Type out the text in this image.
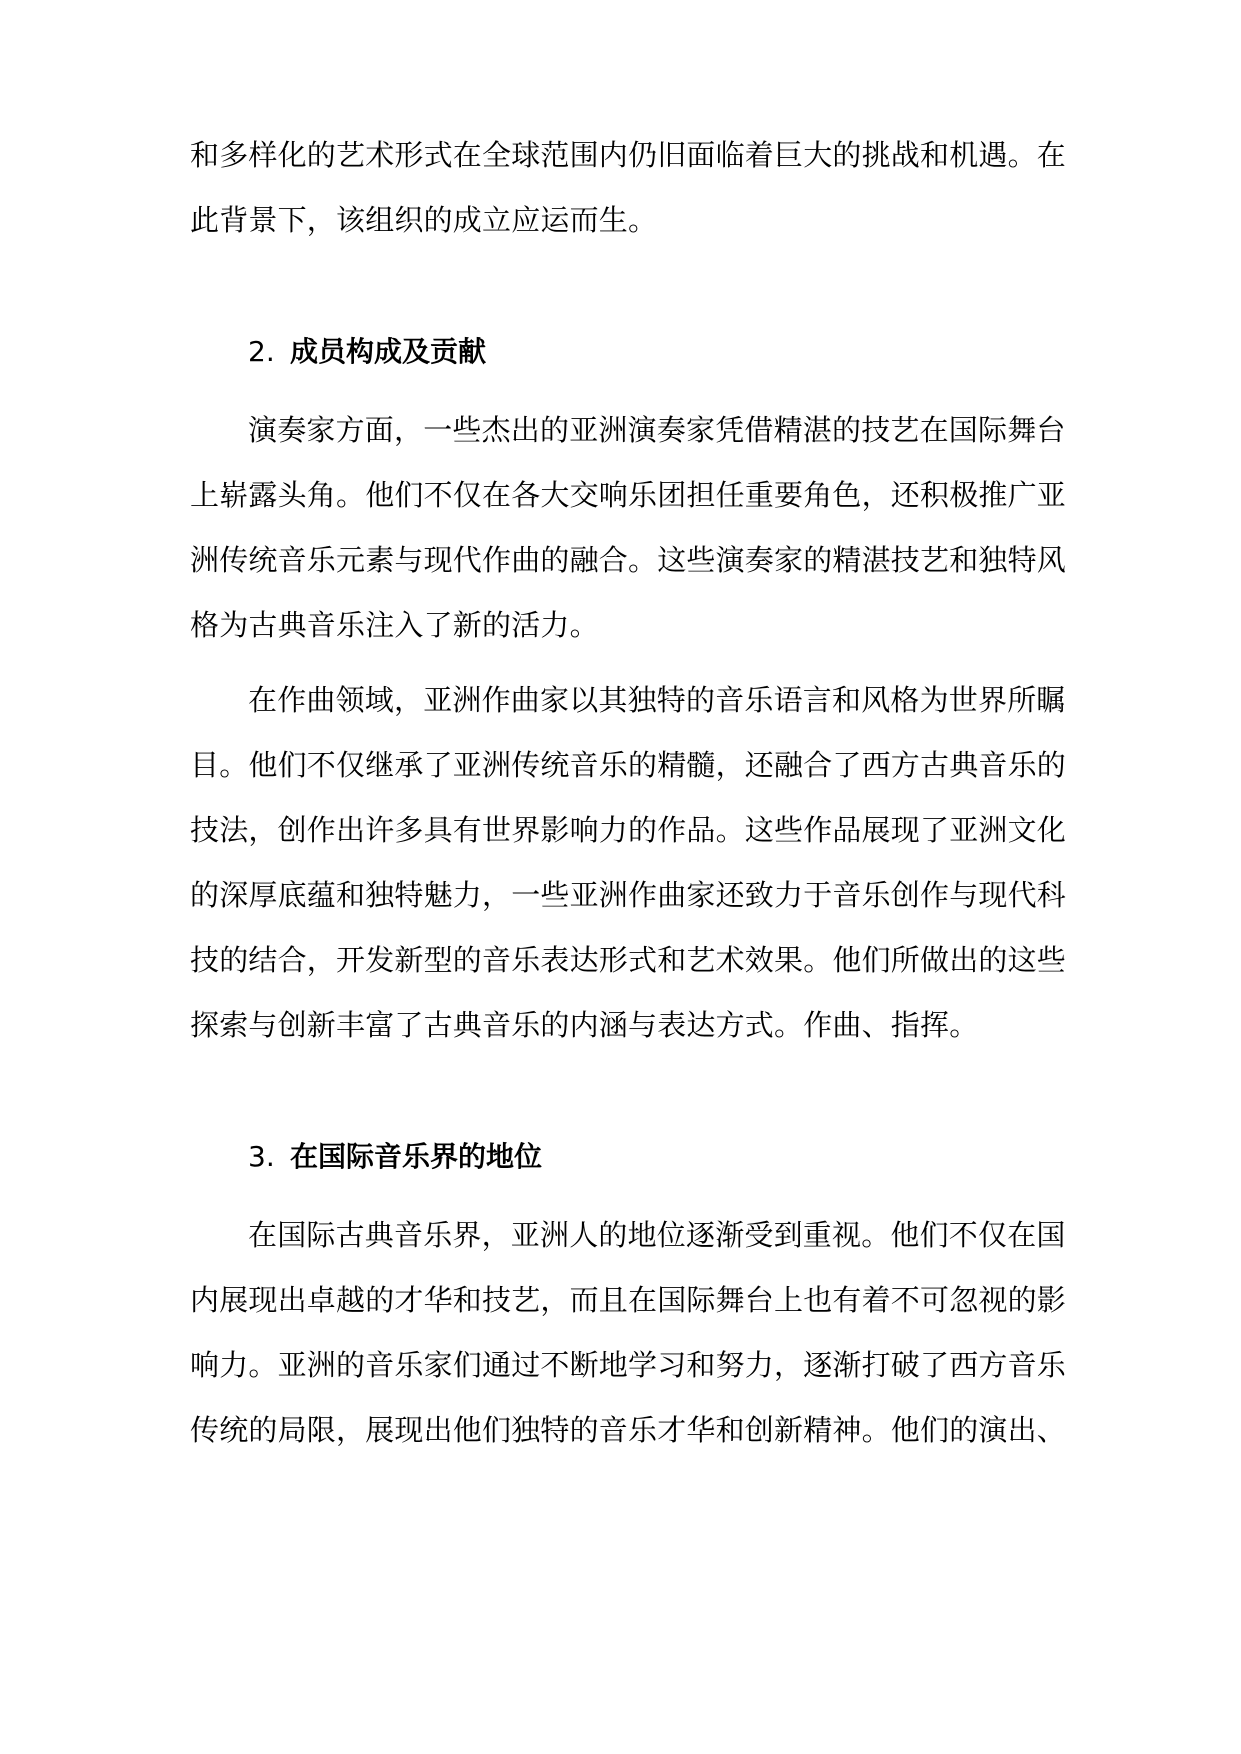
和多样化的艺术形式在全球范围内仍旧面临着巨大的挑战和机遇。在
此背景下，该组织的成立应运而生。
2. 成员构成及贡献
演奏家方面，一些杰出的亚洲演奏家凭借精湛的技艺在国际舞台
上崭露头角。他们不仅在各大交响乐团担任重要角色，还积极推广亚
洲传统音乐元素与现代作曲的融合。这些演奏家的精湛技艺和独特风
格为古典音乐注入了新的活力。
在作曲领域，亚洲作曲家以其独特的音乐语言和风格为世界所瞩
目。他们不仅继承了亚洲传统音乐的精髓，还融合了西方古典音乐的
技法，创作出许多具有世界影响力的作品。这些作品展现了亚洲文化
的深厚底蕴和独特魅力，一些亚洲作曲家还致力于音乐创作与现代科
技的结合，开发新型的音乐表达形式和艺术效果。他们所做出的这些
探索与创新丰富了古典音乐的内涵与表达方式。作曲、指挥。
3. 在国际音乐界的地位
在国际古典音乐界，亚洲人的地位逐渐受到重视。他们不仅在国
内展现出卓越的才华和技艺，而且在国际舞台上也有着不可忽视的影
响力。亚洲的音乐家们通过不断地学习和努力，逐渐打破了西方音乐
传统的局限，展现出他们独特的音乐才华和创新精神。他们的演出、
